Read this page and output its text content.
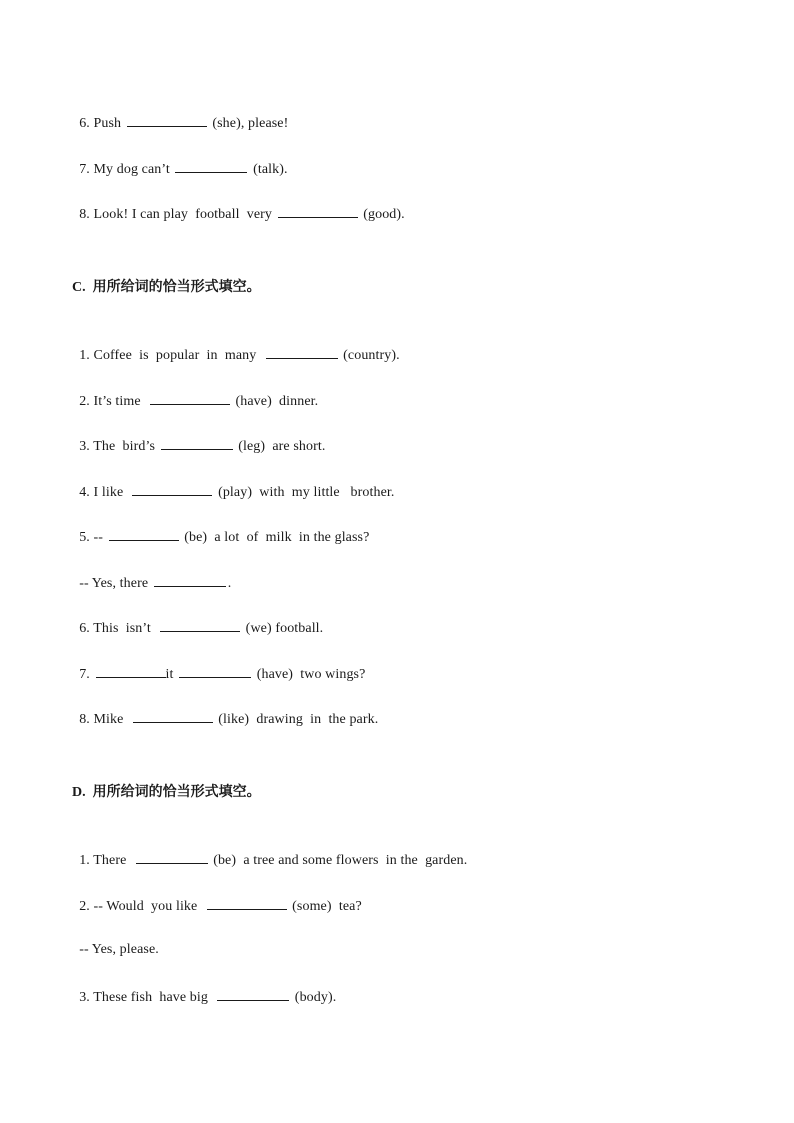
6. Push	(she), please!

7. My dog can’t	(talk).

8. Look! I can play  football  very	(good).

C.  用所给词的恰当形式填空。

1. Coffee  is  popular  in  many	(country).

2. It’s time	(have)  dinner.

3. The  bird’s	(leg)  are short.

4. I like	(play)  with  my little   brother.

5. --	(be)  a lot  of  milk  in the glass?

-- Yes, there	.

6. This  isn’t	(we) football.

7.	it	(have)  two wings?

8. Mike	(like)  drawing  in  the park.

D.  用所给词的恰当形式填空。

1. There	(be)  a tree and some flowers  in the  garden.

2. -- Would  you like	(some)  tea?

-- Yes, please.

3. These fish  have big	(body).
